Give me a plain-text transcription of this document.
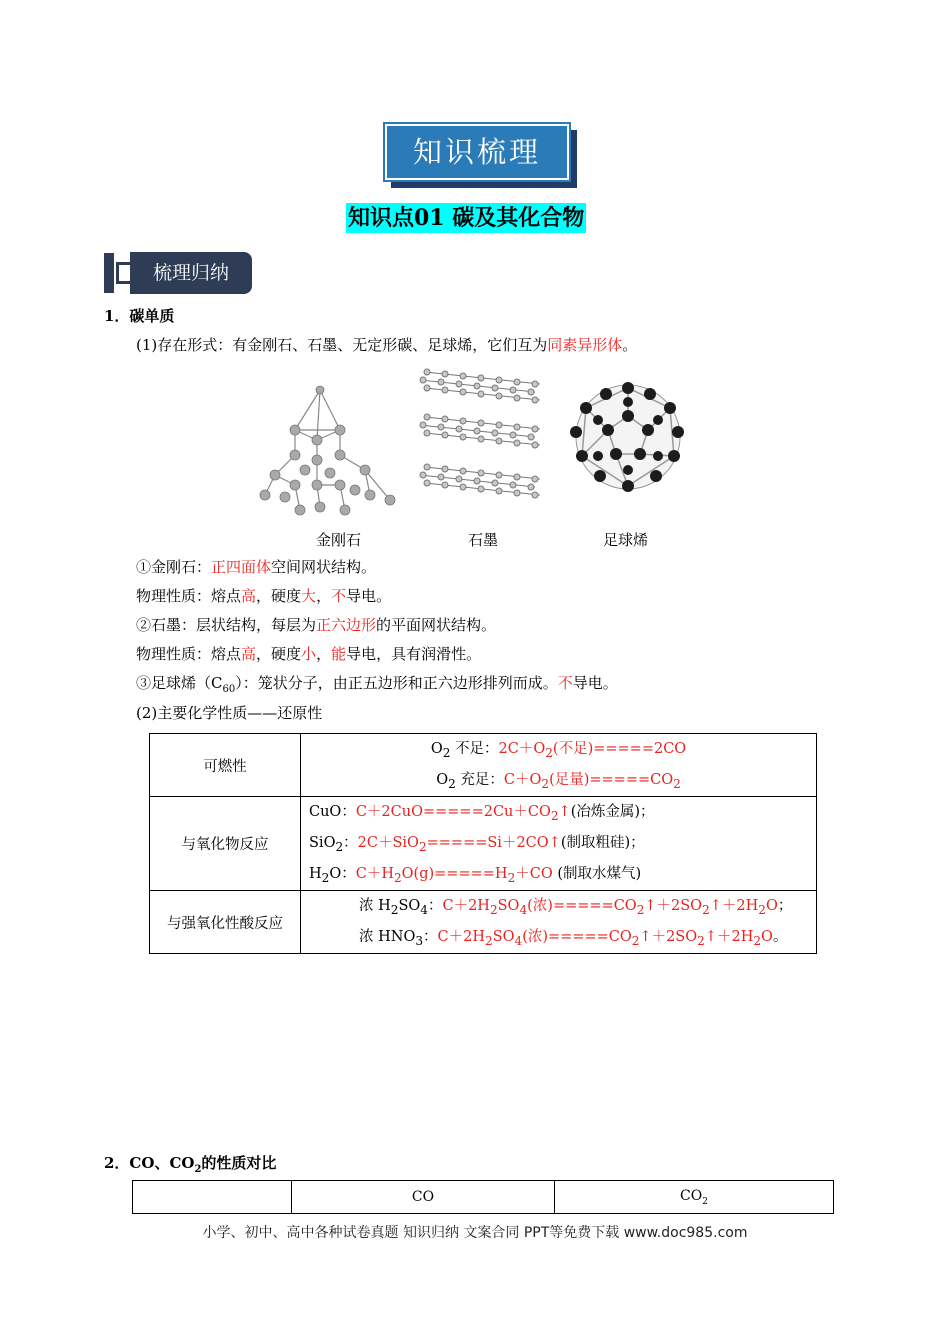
知识梳理
知识点01 碳及其化合物
梳理归纳
1．碳单质
(1)存在形式：有金刚石、石墨、无定形碳、足球烯，它们互为同素异形体。
金刚石	石墨	足球烯
①金刚石：正四面体空间网状结构。
物理性质：熔点高，硬度大，不导电。
②石墨：层状结构，每层为正六边形的平面网状结构。
物理性质：熔点高，硬度小，能导电，具有润滑性。
③足球烯$(C_{60})$：笼状分子，由正五边形和正六边形排列而成。不导电。
(2)主要化学性质——还原性
可燃性	$O_2$ 不足：$2C+O_2$(不足)=====2CO
$O_2$ 充足：$C+O_2$(足量)$=====CO_2$

与氧化物反应	CuO：$C+2CuO=====2Cu+CO_2↑$(冶炼金属)；
SiO$_2$：2C＋SiO$_2$=====Si＋2CO↑(制取粗硅)；
$H_2O$：$C+H_2O(g)=====H_2+CO$ (制取水煤气)

与强氧化性酸反应	浓 $H_2SO_4$：$C+2H_2SO_4$(浓)$=====CO_2↑+2SO_2↑+2H_2O$；
浓 $HNO_3$：$C+2H_2SO_4$(浓)$=====CO_2↑+2SO_2↑+2H_2O$。
2．CO、$CO_2$的性质对比
	CO	$CO_2$
小学、初中、高中各种试卷真题 知识归纳 文案合同 PPT等免费下载 www.doc985.com
